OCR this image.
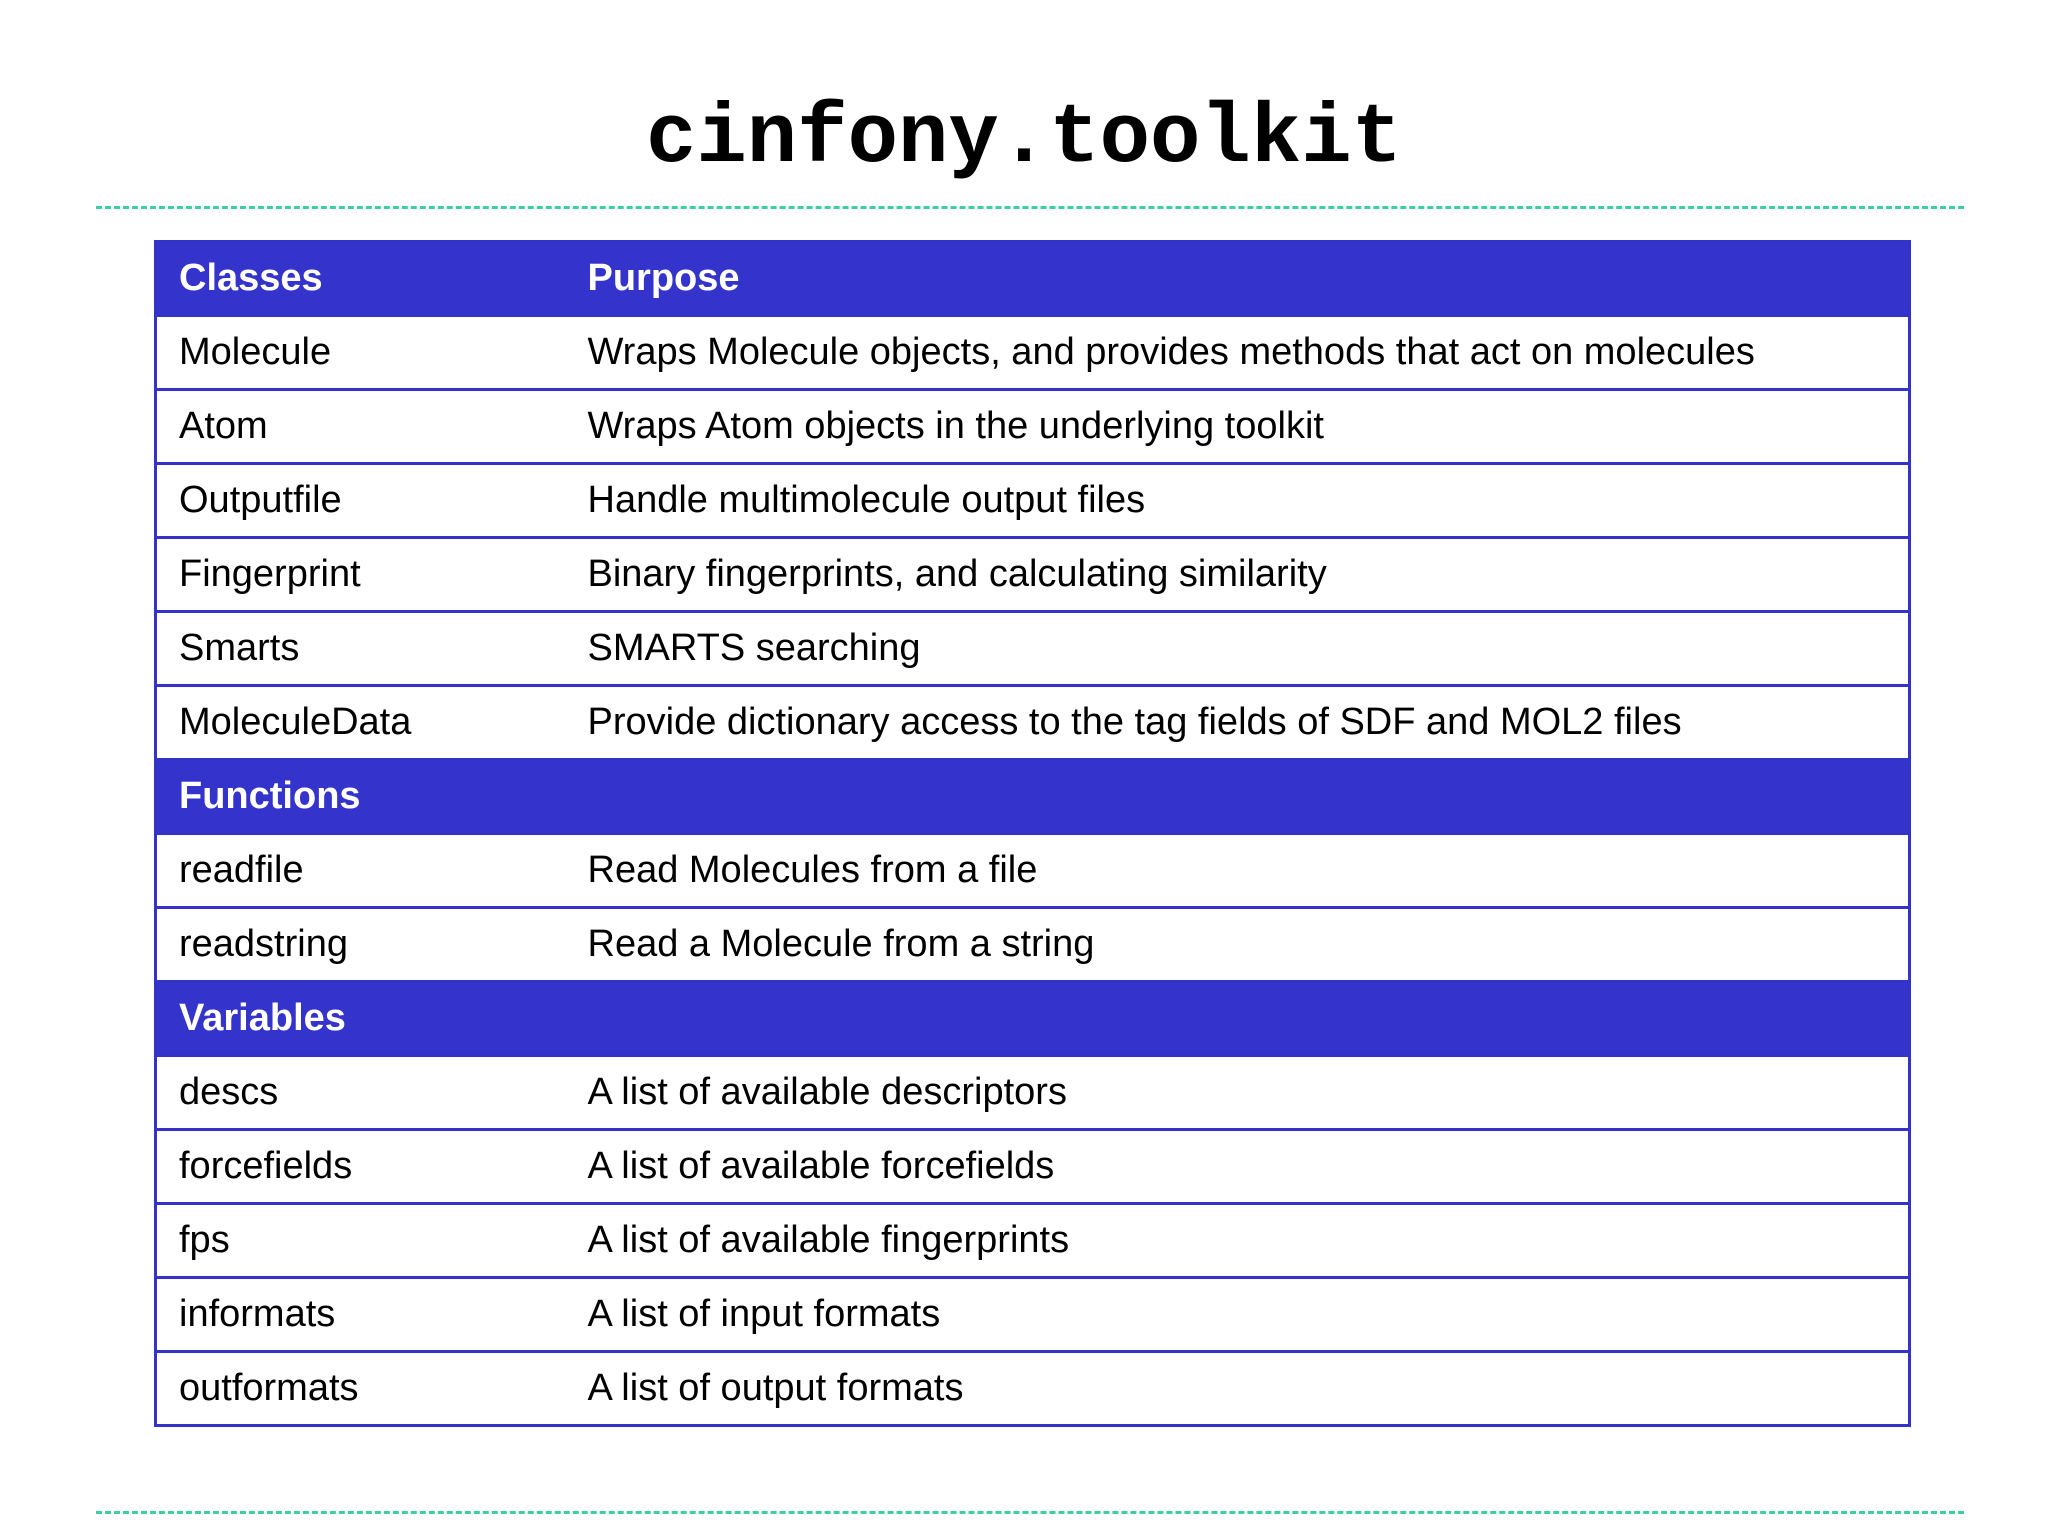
cinfony.toolkit
Classes	Purpose
Molecule	Wraps Molecule objects, and provides methods that act on molecules
Atom	Wraps Atom objects in the underlying toolkit
Outputfile	Handle multimolecule output files
Fingerprint	Binary fingerprints, and calculating similarity
Smarts	SMARTS searching
MoleculeData	Provide dictionary access to the tag fields of SDF and MOL2 files
Functions	
readfile	Read Molecules from a file
readstring	Read a Molecule from a string
Variables	
descs	A list of available descriptors
forcefields	A list of available forcefields
fps	A list of available fingerprints
informats	A list of input formats
outformats	A list of output formats
